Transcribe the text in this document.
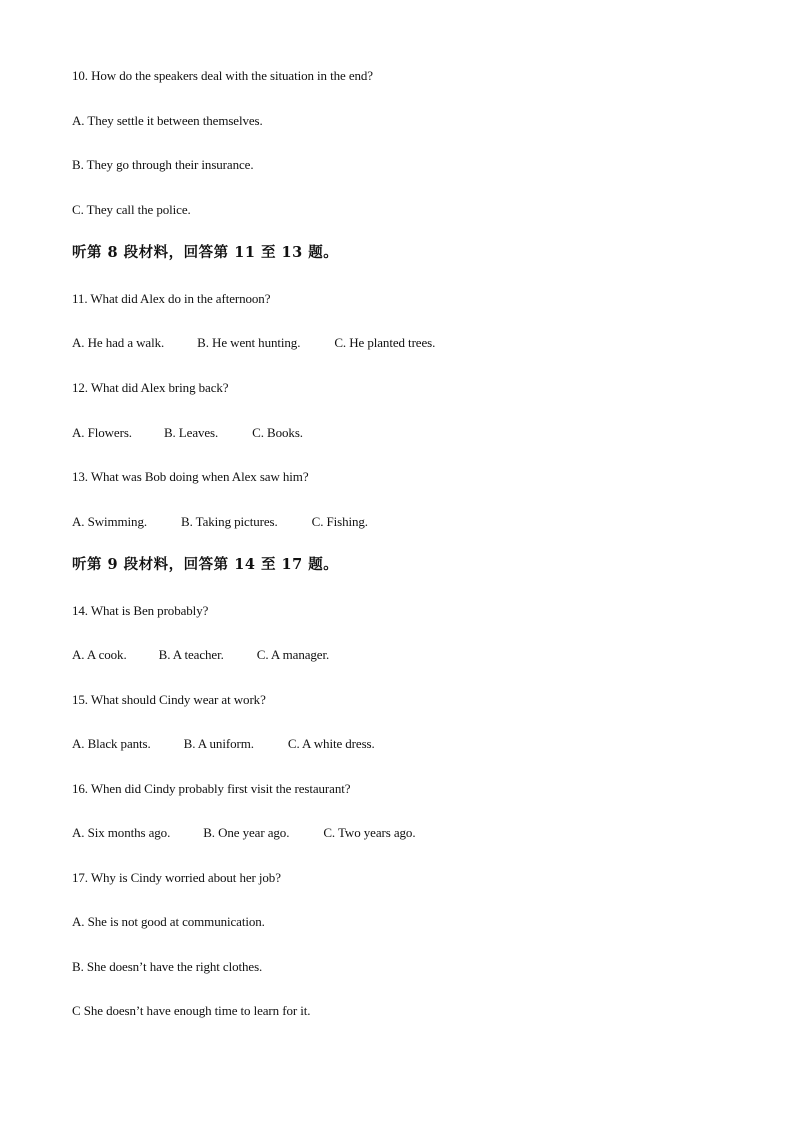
10. How do the speakers deal with the situation in the end?
A. They settle it between themselves.
B. They go through their insurance.
C. They call the police.
听第 8 段材料，回答第 11 至 13 题。
11. What did Alex do in the afternoon?
A. He had a walk.	B. He went hunting.	C. He planted trees.
12. What did Alex bring back?
A. Flowers. B. Leaves.	C. Books.
13. What was Bob doing when Alex saw him?
A. Swimming.	B. Taking pictures.	C. Fishing.
听第 9 段材料，回答第 14 至 17 题。
14. What is Ben probably?
A. A cook. B. A teacher.	C. A manager.
15. What should Cindy wear at work?
A. Black pants.	B. A uniform.	C. A white dress.
16. When did Cindy probably first visit the restaurant?
A. Six months ago.	B. One year ago.	C. Two years ago.
17. Why is Cindy worried about her job?
A. She is not good at communication.
B. She doesn’t have the right clothes.
C She doesn’t have enough time to learn for it.
